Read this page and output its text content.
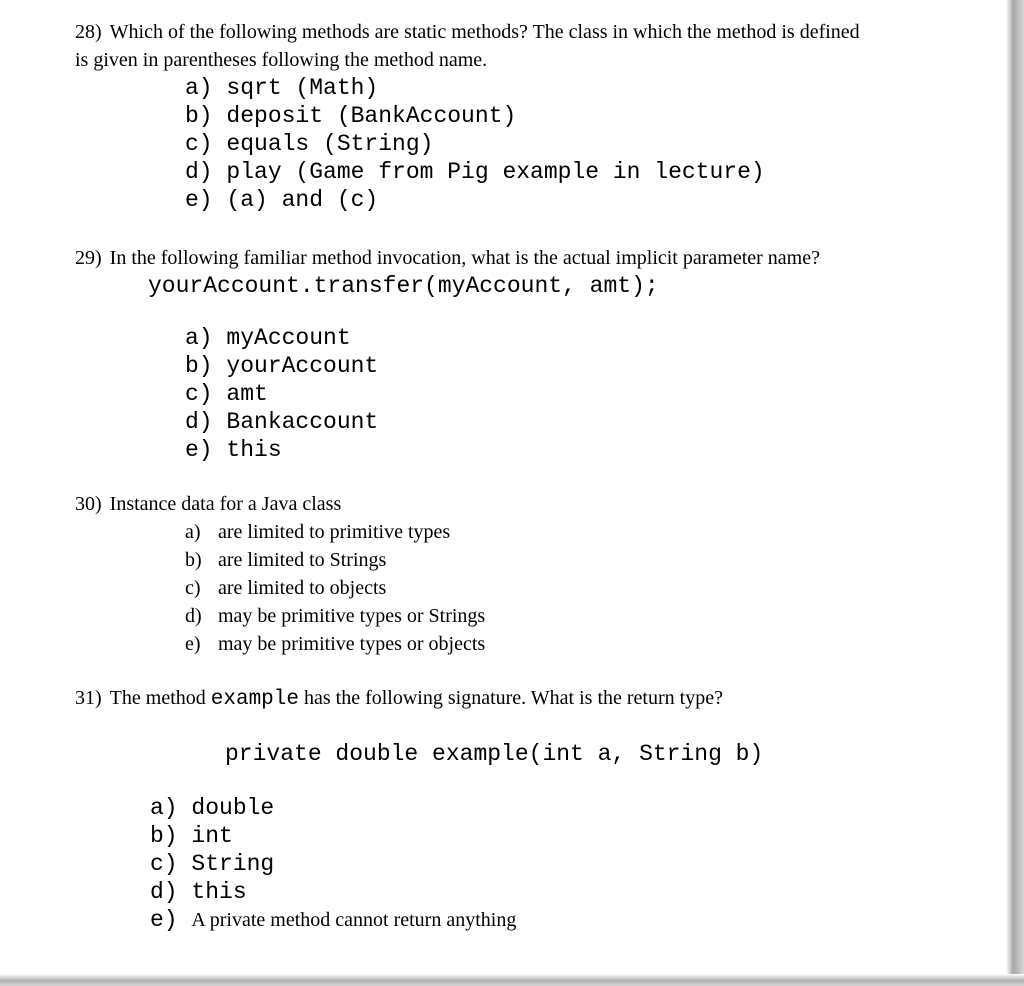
28) Which of the following methods are static methods? The class in which the method is defined is given in parentheses following the method name.

a) sqrt (Math)
b) deposit (BankAccount)
c) equals (String)
d) play (Game from Pig example in lecture)
e) (a) and (c)

29) In the following familiar method invocation, what is the actual implicit parameter name?

yourAccount.transfer(myAccount, amt);

a) myAccount
b) yourAccount
c) amt
d) Bankaccount
e) this

30) Instance data for a Java class

a) are limited to primitive types
b) are limited to Strings
c) are limited to objects
d) may be primitive types or Strings
e) may be primitive types or objects

31) The method example has the following signature. What is the return type?

private double example(int a, String b)

a) double
b) int
c) String
d) this
e) A private method cannot return anything
